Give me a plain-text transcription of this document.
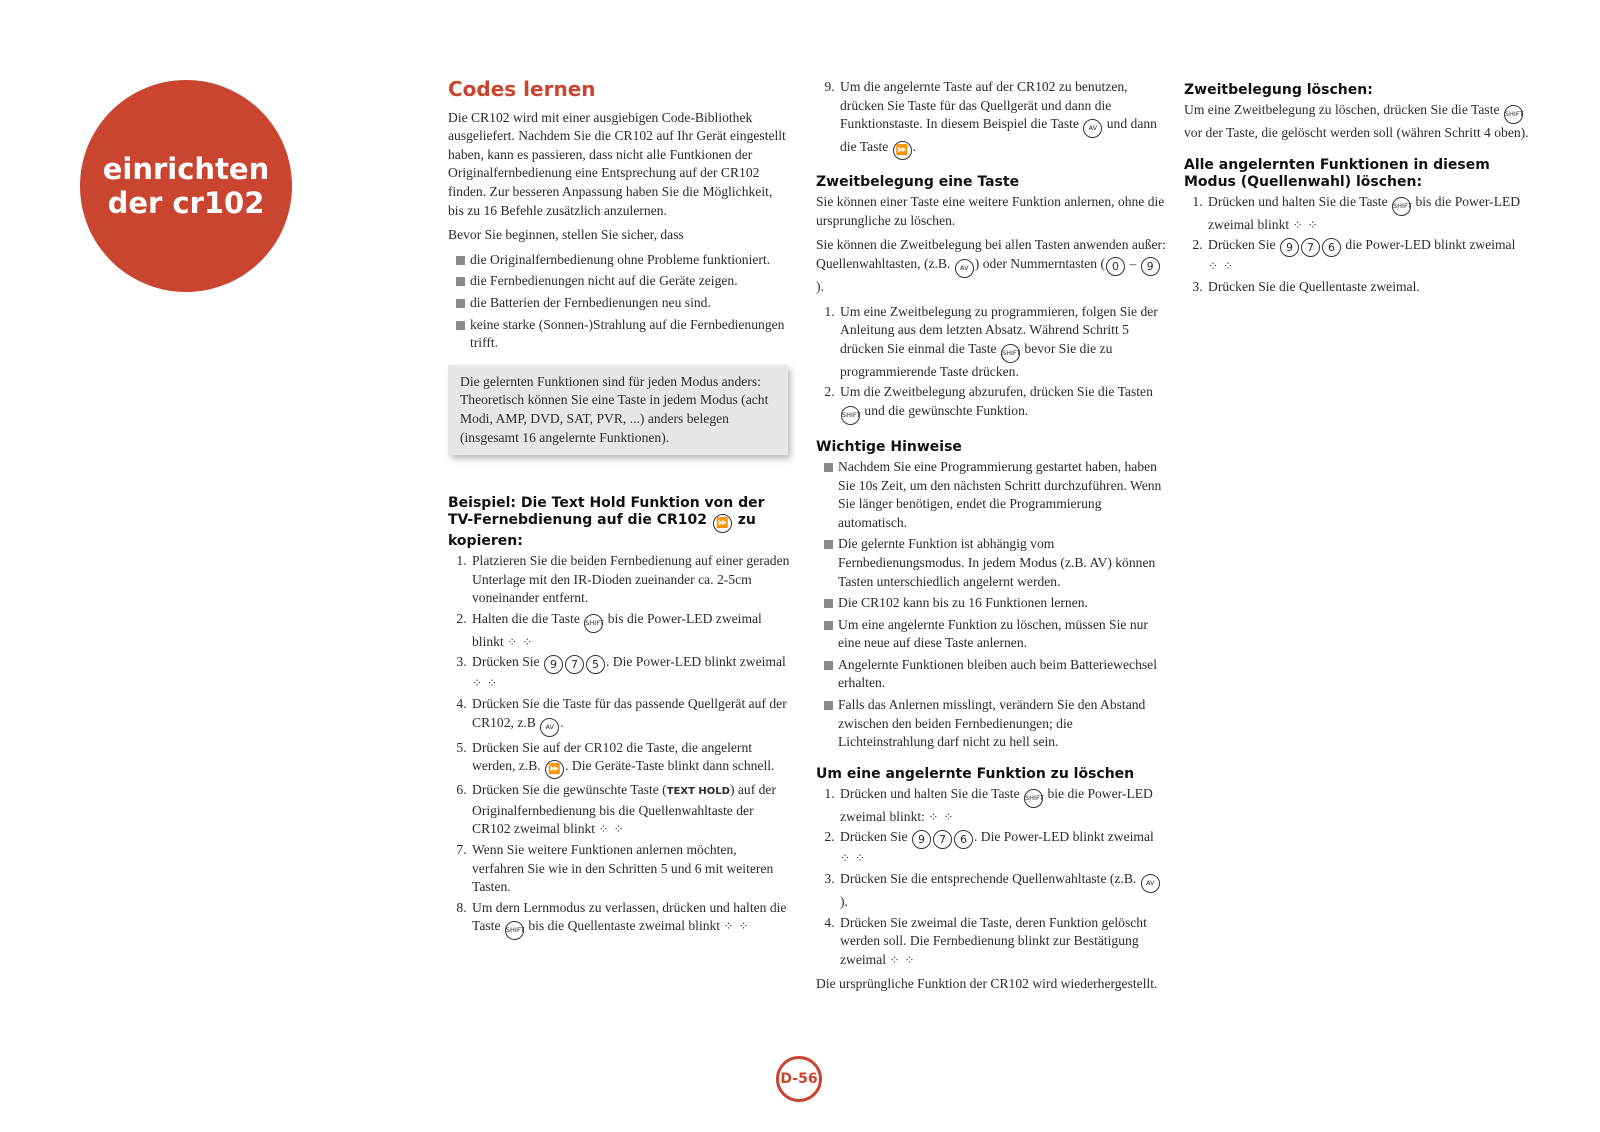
einrichten
der cr102
Codes lernen

Die CR102 wird mit einer ausgiebigen Code-Bibliothek ausgeliefert. Nachdem Sie die CR102 auf Ihr Gerät eingestellt haben, kann es passieren, dass nicht alle Funtkionen der Originalfernbedienung eine Entsprechung auf der CR102 finden. Zur besseren Anpassung haben Sie die Möglichkeit, bis zu 16 Befehle zusätzlich anzulernen.

Bevor Sie beginnen, stellen Sie sicher, dass

die Originalfernbedienung ohne Probleme funktioniert.
die Fernbedienungen nicht auf die Geräte zeigen.
die Batterien der Fernbedienungen neu sind.
keine starke (Sonnen-)Strahlung auf die Fernbedienungen trifft.
Die gelernten Funktionen sind für jeden Modus anders: Theoretisch können Sie eine Taste in jedem Modus (acht Modi, AMP, DVD, SAT, PVR, ...) anders belegen (insgesamt 16 angelernte Funktionen).
Beispiel: Die Text Hold Funktion von der TV-Fernebdienung auf die CR102 ⏩ zu kopieren:
1. Platzieren Sie die beiden Fernbedienung auf einer geraden Unterlage mit den IR-Dioden zueinander ca. 2-5cm voneinander entfernt.
2. Halten die die Taste SHIFT bis die Power-LED zweimal blinkt ⁘ ⁘
3. Drücken Sie 9 7 5 . Die Power-LED blinkt zweimal ⁘ ⁘
4. Drücken Sie die Taste für das passende Quellgerät auf der CR102, z.B AV .
5. Drücken Sie auf der CR102 die Taste, die angelernt werden, z.B. ⏩ . Die Geräte-Taste blinkt dann schnell.
6. Drücken Sie die gewünschte Taste (TEXT HOLD) auf der Originalfernbedienung bis die Quellenwahltaste der CR102 zweimal blinkt ⁘ ⁘
7. Wenn Sie weitere Funktionen anlernen möchten, verfahren Sie wie in den Schritten 5 und 6 mit weiteren Tasten.
8. Um dern Lernmodus zu verlassen, drücken und halten die Taste SHIFT bis die Quellentaste zweimal blinkt ⁘ ⁘
9. Um die angelernte Taste auf der CR102 zu benutzen, drücken Sie Taste für das Quellgerät und dann die Funktionstaste. In diesem Beispiel die Taste AV und dann die Taste ⏩ .
Zweitbelegung eine Taste

Sie können einer Taste eine weitere Funktion anlernen, ohne die ursprungliche zu löschen.

Sie können die Zweitbelegung bei allen Tasten anwenden außer: Quellenwahltasten, (z.B. AV ) oder Nummerntasten ( 0 – 9).

1. Um eine Zweitbelegung zu programmieren, folgen Sie der Anleitung aus dem letzten Absatz. Während Schritt 5 drücken Sie einmal die Taste SHIFT bevor Sie die zu programmierende Taste drücken.
2. Um die Zweitbelegung abzurufen, drücken Sie die Tasten SHIFT und die gewünschte Funktion.
Wichtige Hinweise
Nachdem Sie eine Programmierung gestartet haben, haben Sie 10s Zeit, um den nächsten Schritt durchzuführen. Wenn Sie länger benötigen, endet die Programmierung automatisch.
Die gelernte Funktion ist abhängig vom Fernbedienungsmodus. In jedem Modus (z.B. AV) können Tasten unterschiedlich angelernt werden.
Die CR102 kann bis zu 16 Funktionen lernen.
Um eine angelernte Funktion zu löschen, müssen Sie nur eine neue auf diese Taste anlernen.
Angelernte Funktionen bleiben auch beim Batteriewechsel erhalten.
Falls das Anlernen misslingt, verändern Sie den Abstand zwischen den beiden Fernbedienungen; die Lichteinstrahlung darf nicht zu hell sein.
Um eine angelernte Funktion zu löschen
1. Drücken und halten Sie die Taste SHIFT bie die Power-LED zweimal blinkt: ⁘ ⁘
2. Drücken Sie 9 7 6 . Die Power-LED blinkt zweimal ⁘ ⁘
3. Drücken Sie die entsprechende Quellenwahltaste (z.B. AV).
4. Drücken Sie zweimal die Taste, deren Funktion gelöscht werden soll. Die Fernbedienung blinkt zur Bestätigung zweimal ⁘ ⁘

Die ursprüngliche Funktion der CR102 wird wiederhergestellt.

Zweitbelegung löschen:

Um eine Zweitbelegung zu löschen, drücken Sie die Taste SHIFT vor der Taste, die gelöscht werden soll (währen Schritt 4 oben).

Alle angelernten Funktionen in diesem Modus (Quellenwahl) löschen:
1. Drücken und halten Sie die Taste SHIFT bis die Power-LED zweimal blinkt ⁘ ⁘
2. Drücken Sie 9 7 6 die Power-LED blinkt zweimal ⁘ ⁘
3. Drücken Sie die Quellentaste zweimal.
D-56
